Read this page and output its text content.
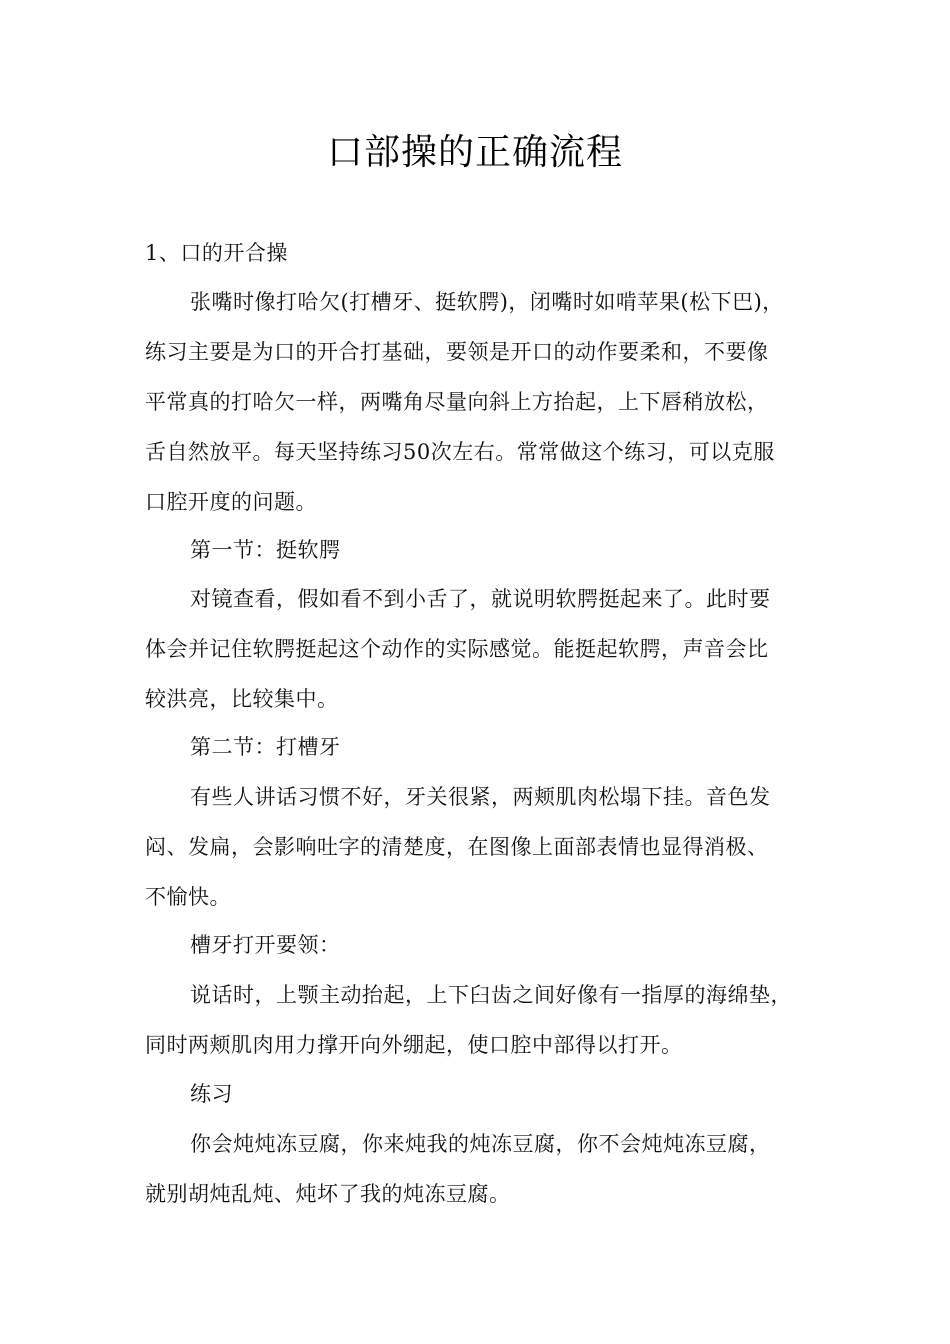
口部操的正确流程
1、口的开合操
张嘴时像打哈欠(打槽牙、挺软腭)，闭嘴时如啃苹果(松下巴)，
练习主要是为口的开合打基础，要领是开口的动作要柔和，不要像
平常真的打哈欠一样，两嘴角尽量向斜上方抬起，上下唇稍放松，
舌自然放平。每天坚持练习50次左右。常常做这个练习，可以克服
口腔开度的问题。
第一节：挺软腭
对镜查看，假如看不到小舌了，就说明软腭挺起来了。此时要
体会并记住软腭挺起这个动作的实际感觉。能挺起软腭，声音会比
较洪亮，比较集中。
第二节：打槽牙
有些人讲话习惯不好，牙关很紧，两颊肌肉松塌下挂。音色发
闷、发扁，会影响吐字的清楚度，在图像上面部表情也显得消极、
不愉快。
槽牙打开要领：
说话时，上颚主动抬起，上下臼齿之间好像有一指厚的海绵垫，
同时两颊肌肉用力撑开向外绷起，使口腔中部得以打开。
练习
你会炖炖冻豆腐，你来炖我的炖冻豆腐，你不会炖炖冻豆腐，
就别胡炖乱炖、炖坏了我的炖冻豆腐。
